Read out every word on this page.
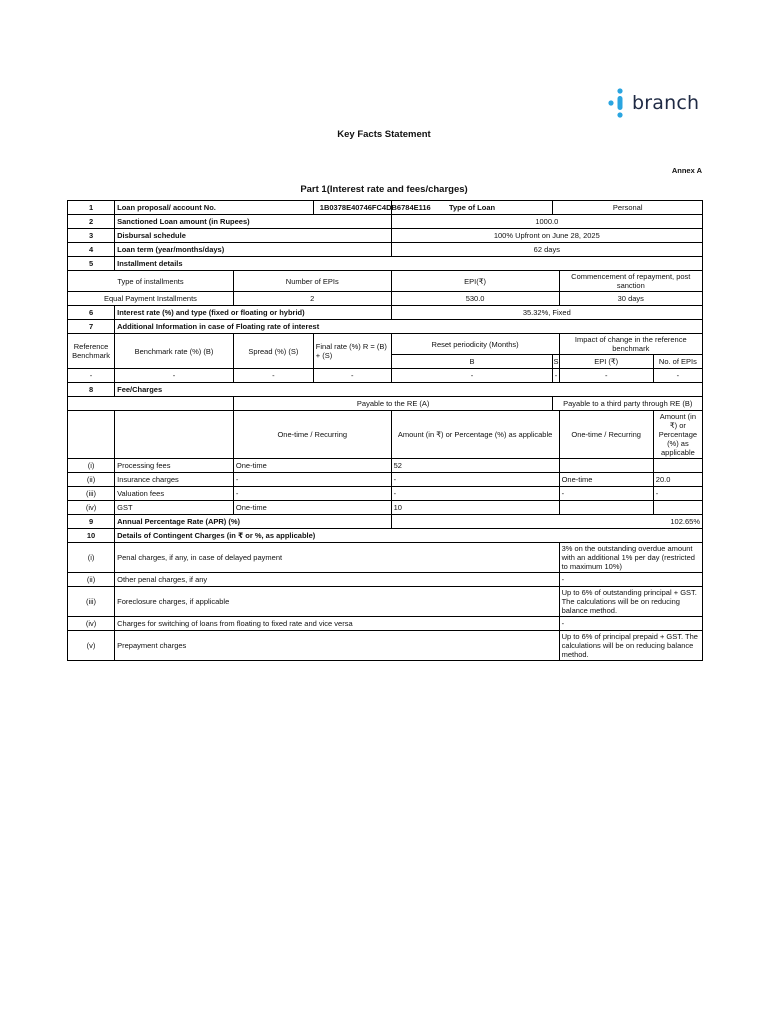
branch
Key Facts Statement
Annex A
Part 1(Interest rate and fees/charges)
1	Loan proposal/ account No.		1B0378E40746FC4DB6784E116	Type of Loan	Personal		
2	Sanctioned Loan amount (in Rupees)			1000.0			
3	Disbursal schedule			100% Upfront on June 28, 2025			
4	Loan term (year/months/days)			62 days			
5	Installment details						
Type of installments		Number of EPIs		EPI(₹)		Commencement of repayment, post sanction	
Equal Payment Installments		2		530.0		30 days	
6	Interest rate (%) and type (fixed or floating or hybrid)			35.32%, Fixed			
7	Additional Information in case of Floating rate of interest						
Reference Benchmark	Benchmark rate (%) (B)	Spread (%) (S)	Final rate (%) R = (B) + (S)	Reset periodicity (Months)		Impact of change in the reference benchmark	
				B	S	EPI (₹)	No. of EPIs
-	-	-	-	-	-	-	-
8	Fee/Charges						
		Payable to the RE (A)			Payable to a third party through RE (B)		
		One-time / Recurring		Amount (in ₹) or Percentage (%) as applicable		One-time / Recurring	Amount (in ₹) or Percentage (%) as applicable
(i)	Processing fees	One-time		52			
(ii)	Insurance charges	-		-		One-time	20.0
(iii)	Valuation fees	-		-		-	-
(iv)	GST	One-time		10			
9	Annual Percentage Rate (APR) (%)			102.65%			
10	Details of Contingent Charges (in ₹ or %, as applicable)						
(i)	Penal charges, if any, in case of delayed payment					3% on the outstanding overdue amount with an additional 1% per day (restricted to maximum 10%)	
(ii)	Other penal charges, if any					-	
(iii)	Foreclosure charges, if applicable					Up to 6% of outstanding principal + GST. The calculations will be on reducing balance method.	
(iv)	Charges for switching of loans from floating to fixed rate and vice versa					-	
(v)	Prepayment charges					Up to 6% of principal prepaid + GST. The calculations will be on reducing balance method.	
